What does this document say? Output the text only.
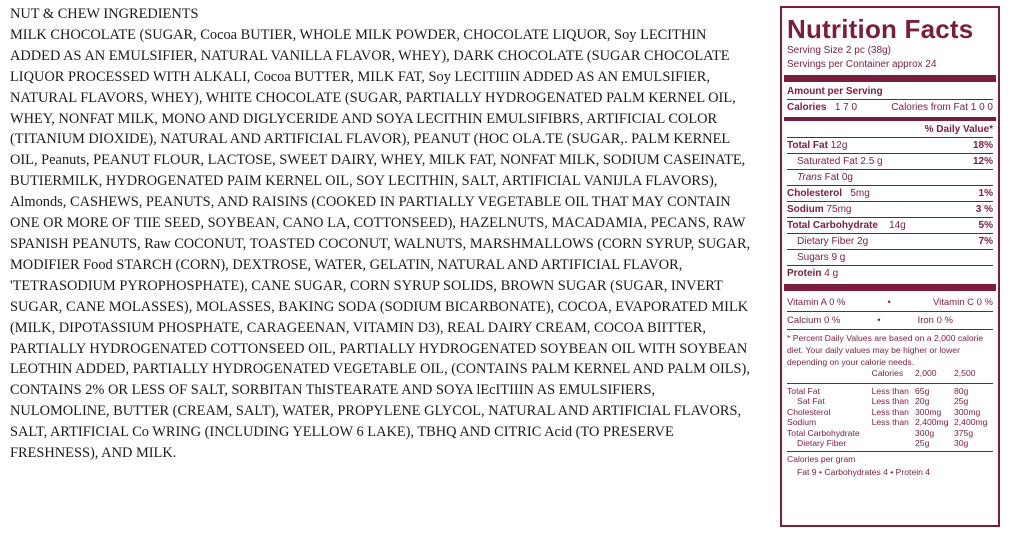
NUT & CHEW INGREDIENTS

MILK CHOCOLATE (SUGAR, Cocoa BUTIER, WHOLE MILK POWDER, CHOCOLATE LIQUOR, Soy LECITHIN ADDED AS AN EMULSIFIER, NATURAL VANILLA FLAVOR, WHEY), DARK CHOCOLATE (SUGAR CHOCOLATE LIQUOR PROCESSED WITH ALKALI, Cocoa BUTTER, MILK FAT, Soy LECITIIIN ADDED AS AN EMULSIFIER, NATURAL FLAVORS, WHEY), WHITE CHOCOLATE (SUGAR, PARTIALLY HYDROGENATED PALM KERNEL OIL, WHEY, NONFAT MILK, MONO AND DIGLYCERIDE AND SOYA LECITHIN EMULSIFIBRS, ARTIFICIAL COLOR (TITANIUM DIOXIDE), NATURAL AND ARTIFICIAL FLAVOR), PEANUT (HOC OLA.TE (SUGAR,. PALM KERNEL OIL, Peanuts, PEANUT FLOUR, LACTOSE, SWEET DAIRY, WHEY, MILK FAT, NONFAT MILK, SODIUM CASEINATE, BUTIERMILK, HYDROGENATED PAIM KERNEL OIL, SOY LECITHIN, SALT, ARTIFICIAL VANIJLA FLAVORS), Almonds, CASHEWS, PEANUTS, AND RAISINS (COOKED IN PARTIALLY VEGETABLE OIL THAT MAY CONTAIN ONE OR MORE OF TIIE SEED, SOYBEAN, CANO LA, COTTONSEED), HAZELNUTS, MACADAMIA, PECANS, RAW SPANISH PEANUTS, Raw COCONUT, TOASTED COCONUT, WALNUTS, MARSHMALLOWS (CORN SYRUP, SUGAR, MODIFIER Food STARCH (CORN), DEXTROSE, WATER, GELATIN, NATURAL AND ARTIFICIAL FLAVOR, 'TETRASODIUM PYROPHOSPHATE), CANE SUGAR, CORN SYRUP SOLIDS, BROWN SUGAR (SUGAR, INVERT SUGAR, CANE MOLASSES), MOLASSES, BAKING SODA (SODIUM BICARBONATE), COCOA, EVAPORATED MILK (MILK, DIPOTASSIUM PHOSPHATE, CARAGEENAN, VITAMIN D3), REAL DAIRY CREAM, COCOA BIITTER, PARTIALLY HYDROGENATED COTTONSEED OIL, PARTIALLY HYDROGENATED SOYBEAN OIL WITH SOYBEAN LEOTHIN ADDED, PARTIALLY HYDROGENATED VEGETABLE OIL, (CONTAINS PALM KERNEL AND PALM OILS), CONTAINS 2% OR LESS OF SALT, SORBITAN ThISTEARATE AND SOYA lEcITIIIN AS EMULSIFIERS, NULOMOLINE, BUTTER (CREAM, SALT), WATER, PROPYLENE GLYCOL, NATURAL AND ARTIFICIAL FLAVORS, SALT, ARTIFICIAL Co WRING (INCLUDING YELLOW 6 LAKE), TBHQ AND CITRIC Acid (TO PRESERVE FRESHNESS), AND MILK.

Nutrition Facts
Serving Size 2 pc (38g)
Servings per Container approx 24
Amount per Serving
Calories 1 7 0	Calories from Fat 1 0 0
% Daily Value*
Total Fat 12g	18%
Saturated Fat 2.5 g	12%
Trans Fat 0g
Cholesterol 5mg	1%
Sodium 75mg	3 %
Total Carbohydrate 14g	5%
Dietary Fiber 2g	7%
Sugars 9 g
Protein 4 g
Vitamin A 0 %	•	Vitamin C 0 %
Calcium 0 %	•	Iron 0 %
* Percent Daily Values are based on a 2,000 calorie diet. Your daily values may be higher or lower depending on your calorie needs.
	Calories	2,000	2,500

Total Fat	Less than	65g	80g
Sat Fat	Less than	20g	25g
Cholesterol	Less than	300mg	300mg
Sodium	Less than	2,400mg	2,400mg
Total Carbohydrate		300g	375g
Dietary Fiber		25g	30g
Calories per gram
Fat 9 • Carbohydrates 4 • Protein 4
